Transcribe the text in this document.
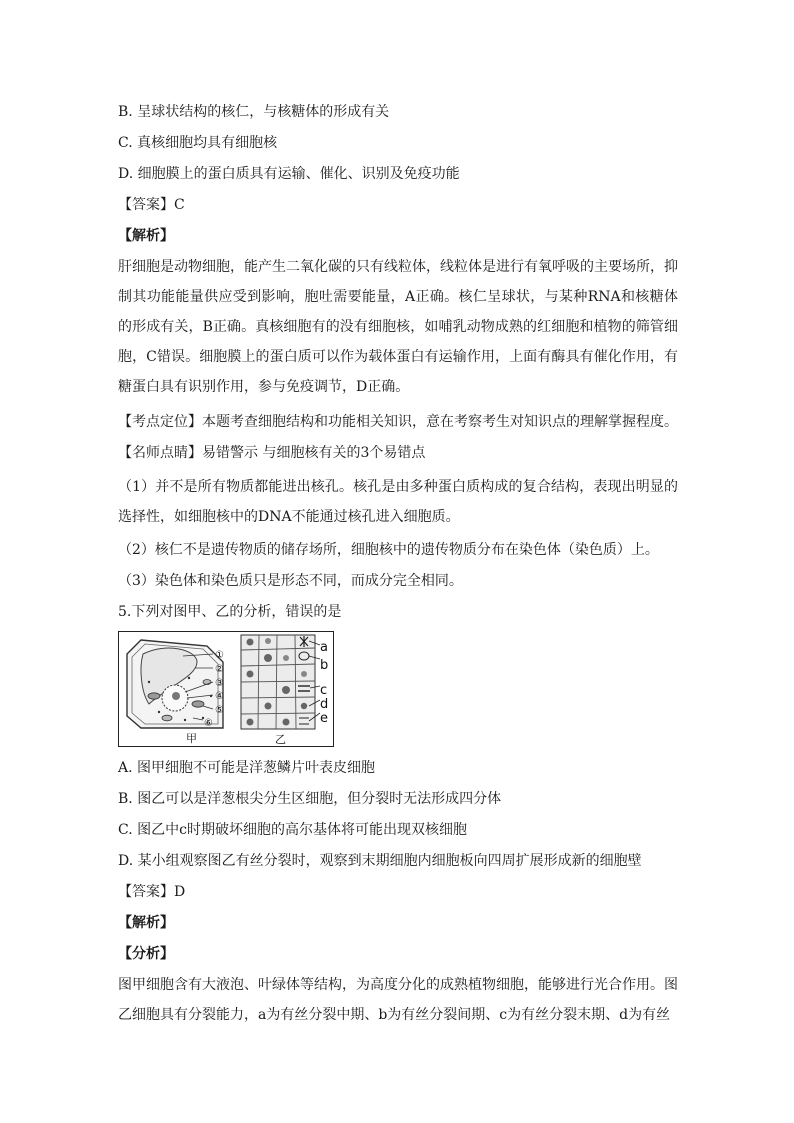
B. 呈球状结构的核仁，与核糖体的形成有关
C. 真核细胞均具有细胞核
D. 细胞膜上的蛋白质具有运输、催化、识别及免疫功能
【答案】C
【解析】
肝细胞是动物细胞，能产生二氧化碳的只有线粒体，线粒体是进行有氧呼吸的主要场所，抑制其功能能量供应受到影响，胞吐需要能量，A正确。核仁呈球状，与某种RNA和核糖体的形成有关，B正确。真核细胞有的没有细胞核，如哺乳动物成熟的红细胞和植物的筛管细胞，C错误。细胞膜上的蛋白质可以作为载体蛋白有运输作用，上面有酶具有催化作用，有糖蛋白具有识别作用，参与免疫调节，D正确。
【考点定位】本题考查细胞结构和功能相关知识，意在考察考生对知识点的理解掌握程度。
【名师点睛】易错警示 与细胞核有关的3个易错点
（1）并不是所有物质都能进出核孔。核孔是由多种蛋白质构成的复合结构，表现出明显的选择性，如细胞核中的DNA不能通过核孔进入细胞质。
（2）核仁不是遗传物质的储存场所，细胞核中的遗传物质分布在染色体（染色质）上。
（3）染色体和染色质只是形态不同，而成分完全相同。
5.下列对图甲、乙的分析，错误的是
①
②
③
④
⑤
⑥
甲
a
b
c
d
e
乙
A. 图甲细胞不可能是洋葱鳞片叶表皮细胞
B. 图乙可以是洋葱根尖分生区细胞，但分裂时无法形成四分体
C. 图乙中c时期破坏细胞的高尔基体将可能出现双核细胞
D. 某小组观察图乙有丝分裂时，观察到末期细胞内细胞板向四周扩展形成新的细胞壁
【答案】D
【解析】
【分析】
图甲细胞含有大液泡、叶绿体等结构，为高度分化的成熟植物细胞，能够进行光合作用。图乙细胞具有分裂能力，a为有丝分裂中期、b为有丝分裂间期、c为有丝分裂末期、d为有丝
